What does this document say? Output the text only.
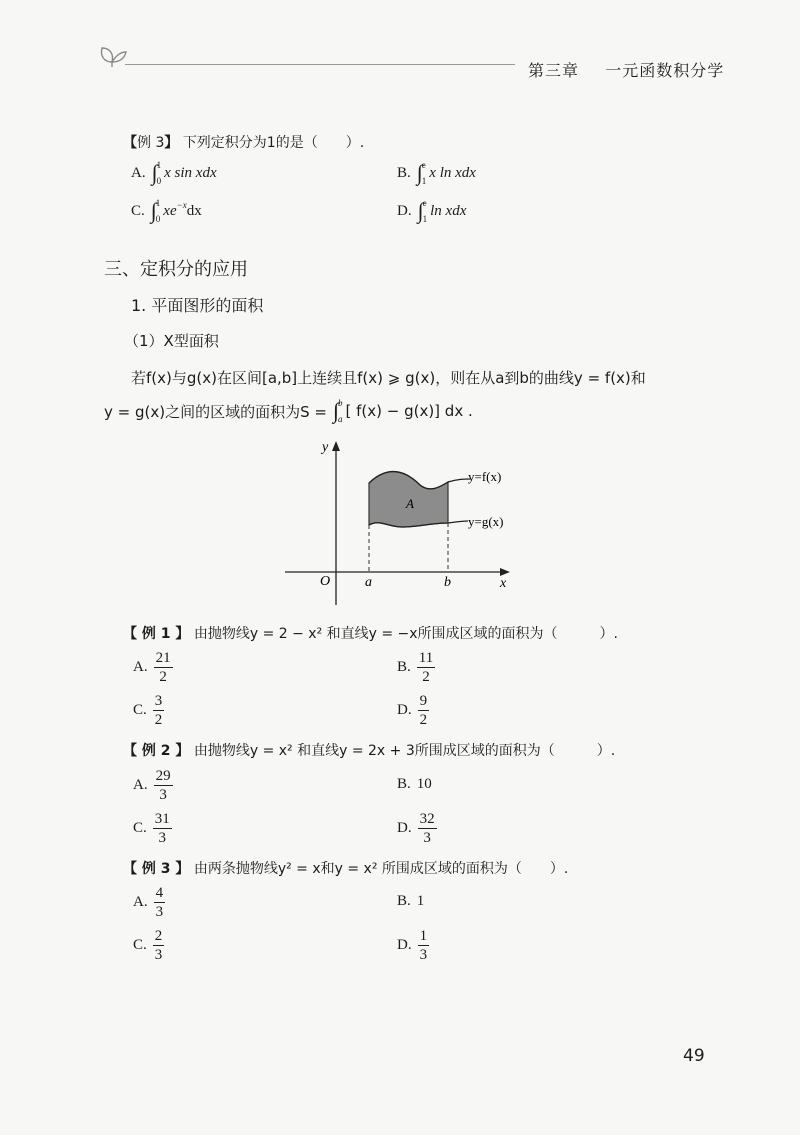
第三章 一元函数积分学
【例 3】 下列定积分为1的是（　　）.
A. ∫ 1
0
x sin xdx	B. ∫ e
1
x ln xdx
C. ∫ 1
0
$xe^{-x}$ dx	D. ∫ e
1
ln xdx
三、定积分的应用
1. 平面图形的面积
（1）X型面积
若f(x)与g(x)在区间[a,b]上连续且f(x) ⩾ g(x)，则在从a到b的曲线y = f(x)和
y = g(x)之间的区域的面积为S = ∫ b
a [ f(x) − g(x)] dx .
y
x
O a	b
A
y=f(x)
y=g(x)
【 例 1 】 由抛物线y = 2 − x² 和直线y = −x所围成区域的面积为（　　　）.
A. $\frac{21}{2}$	B. $\frac{11}{2}$
C. $\frac{3}{2}$	D. $\frac{9}{2}$
【 例 2 】 由抛物线y = x² 和直线y = 2x + 3所围成区域的面积为（　　　）.
A. $\frac{29}{3}$	B. 10
C. $\frac{31}{3}$	D. $\frac{32}{3}$
【 例 3 】 由两条抛物线y² = x和y = x² 所围成区域的面积为（　　）.
A. $\frac{4}{3}$	B. 1
C. $\frac{2}{3}$	D. $\frac{1}{3}$
49
